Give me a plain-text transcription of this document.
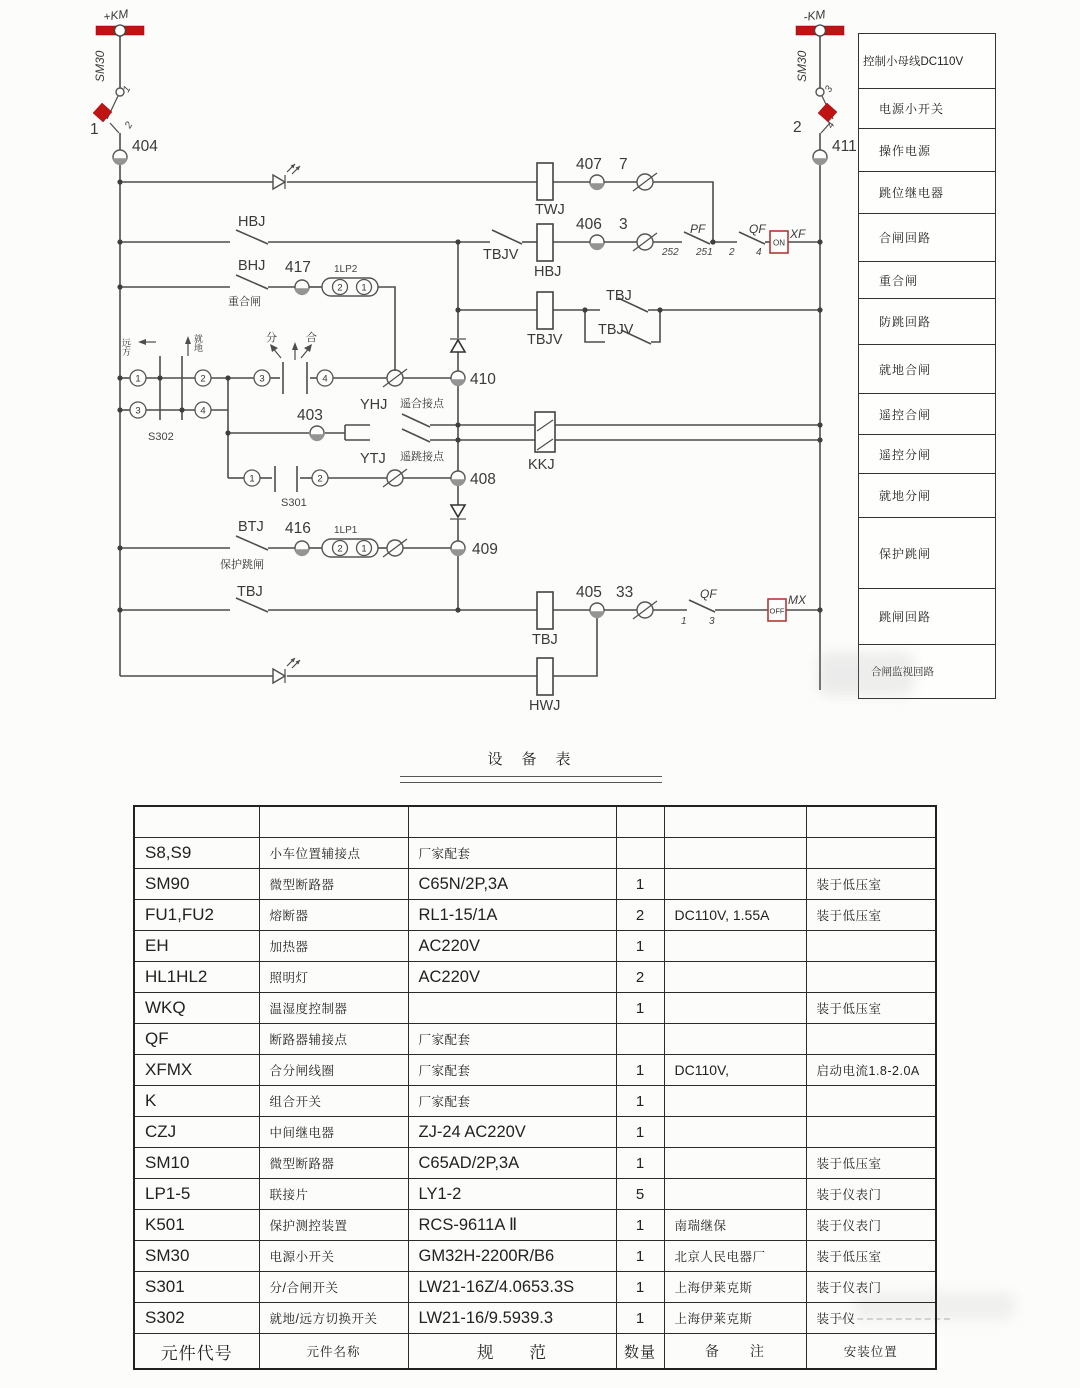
+KM	-KM
SM30	SM30
1
2
3
4
1	2
404	411
407 7
406 3
405 33
417
416
403
410
408
409
TWJ
HBJ
HBJ
TBJV
TBJV
TBJ
TBJV
BHJ
重合闸
BTJ
保护跳闸
TBJ
TBJ
HWJ
KKJ
YHJ 遥合接点
YTJ 遥跳接点
1LP2
2 1
1LP1
2 1
PF
252 251
QF
2 4
QF
1 3
XF
ON
MX
OFF
分	合
远方	就地
S302
S301
1	2
3	4
3	4
1	2
控制小母线DC110V
电源小开关
操作电源
跳位继电器
合闸回路
重合闸
防跳回路
就地合闸
遥控合闸
遥控分闸
就地分闸
保护跳闸
跳闸回路
合闸监视回路
设　备　表

S8,S9	小车位置辅接点	厂家配套			
SM90	微型断路器	C65N/2P,3A	1		装于低压室
FU1,FU2	熔断器	RL1-15/1A	2	DC110V, 1.55A	装于低压室
EH	加热器	AC220V	1		
HL1HL2	照明灯	AC220V	2		
WKQ	温湿度控制器		1		装于低压室
QF	断路器辅接点	厂家配套			
XFMX	合分闸线圈	厂家配套	1	DC110V,	启动电流1.8-2.0A
K	组合开关	厂家配套	1		
CZJ	中间继电器	ZJ-24 AC220V	1		
SM10	微型断路器	C65AD/2P,3A	1		装于低压室
LP1-5	联接片	LY1-2	5		装于仪表门
K501	保护测控装置	RCS-9611A Ⅱ	1	南瑞继保	装于仪表门
SM30	电源小开关	GM32H-2200R/B6	1	北京人民电器厂	装于低压室
S301	分/合闸开关	LW21-16Z/4.0653.3S	1	上海伊莱克斯	装于仪表门
S302	就地/远方切换开关	LW21-16/9.5939.3	1	上海伊莱克斯	装于仪
元件代号	元件名称	规　　范	数量	备　　注	安装位置
